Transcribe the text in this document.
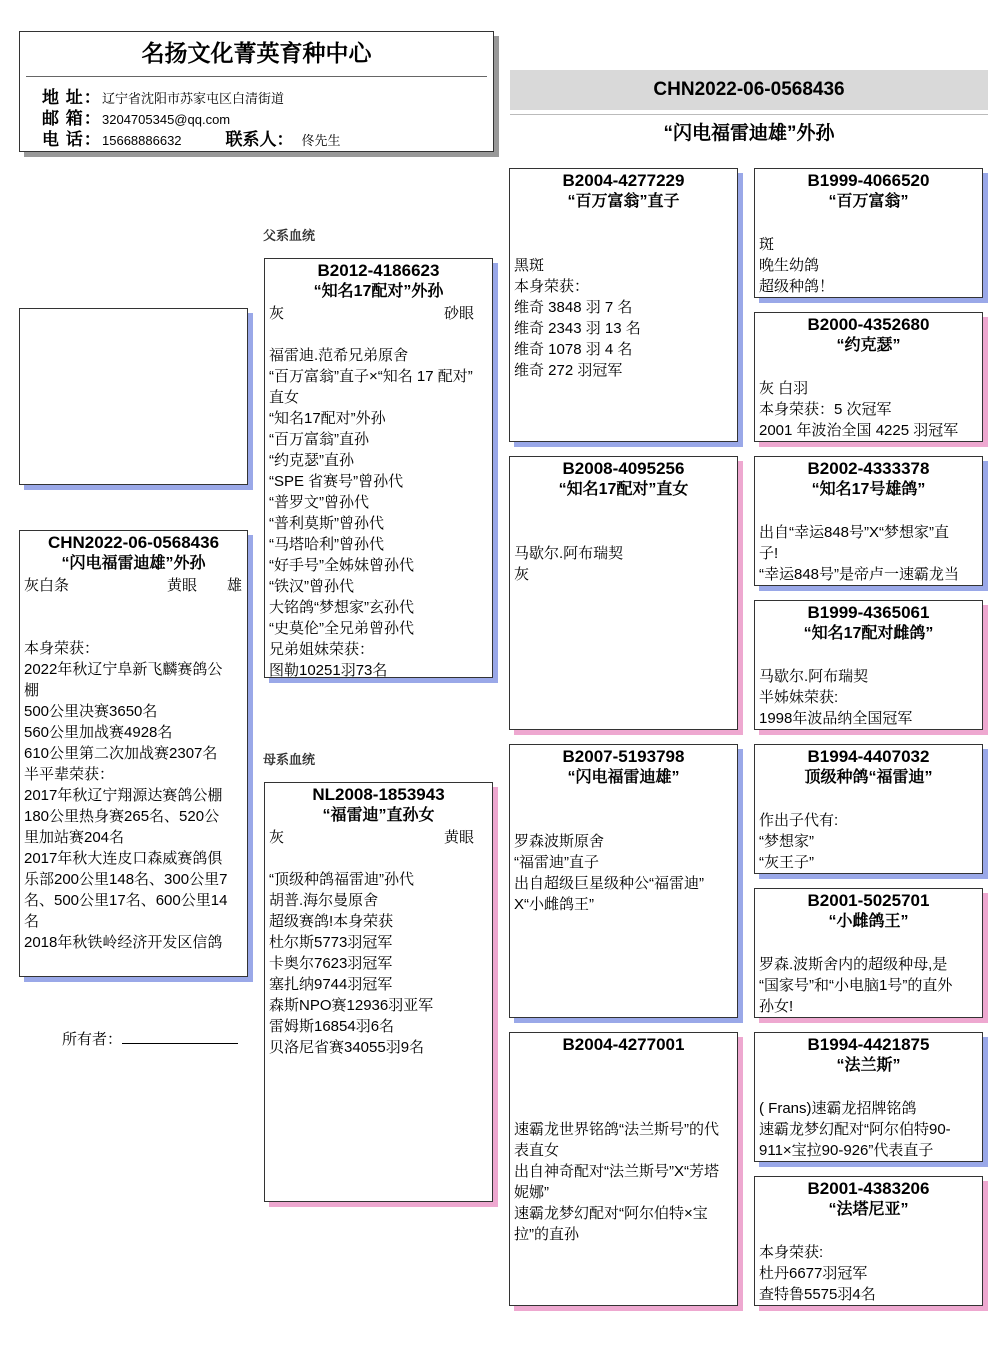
名扬文化菁英育种中心
地 址： 辽宁省沈阳市苏家屯区白清街道
邮 箱： 3204705345@qq.com
电 话： 15668886632	联系人： 佟先生
CHN2022-06-0568436
“闪电福雷迪雄”外孙
CHN2022-06-0568436
“闪电福雷迪雄”外孙
灰白条	黄眼	雄
本身荣获：
2022年秋辽宁阜新飞麟赛鸽公
棚
500公里决赛3650名
560公里加战赛4928名
610公里第二次加战赛2307名
半平辈荣获：
2017年秋辽宁翔源达赛鸽公棚
180公里热身赛265名、520公
里加站赛204名
2017年秋大连皮口森威赛鸽俱
乐部200公里148名、300公里7
名、500公里17名、600公里14
名
2018年秋铁岭经济开发区信鸽
所有者：
父系血统
母系血统
B2012-4186623
“知名17配对”外孙
灰	砂眼
福雷迪.范希兄弟原舍
“百万富翁”直子×“知名 17 配对”
直女
“知名17配对”外孙
“百万富翁”直孙
“约克瑟”直孙
“SPE 省赛号”曾孙代
“普罗文”曾孙代
“普利莫斯”曾孙代
“马塔哈利”曾孙代
“好手号”全姊妹曾孙代
“铁汉”曾孙代
大铭鸽“梦想家”玄孙代
“史莫伦”全兄弟曾孙代
兄弟姐妹荣获：
图勒10251羽73名
NL2008-1853943
“福雷迪”直孙女
灰	黄眼
“顶级种鸽福雷迪”孙代
胡普.海尔曼原舍
超级赛鸽!本身荣获
杜尔斯5773羽冠军
卡奥尔7623羽冠军
塞扎纳9744羽冠军
森斯NPO赛12936羽亚军
雷姆斯16854羽6名
贝洛尼省赛34055羽9名
B2004-4277229
“百万富翁”直子
黑斑
本身荣获：
维奇 3848 羽 7 名
维奇 2343 羽 13 名
维奇 1078 羽 4 名
维奇 272 羽冠军
B2008-4095256
“知名17配对”直女
马歇尔.阿布瑞契
灰
B2007-5193798
“闪电福雷迪雄”
罗森波斯原舍
“福雷迪”直子
出自超级巨星级种公“福雷迪”
X“小雌鸽王”
B2004-4277001
速霸龙世界铭鸽“法兰斯号”的代
表直女
出自神奇配对“法兰斯号”X“芳塔
妮娜”
速霸龙梦幻配对“阿尔伯特×宝
拉”的直孙
B1999-4066520
“百万富翁”
斑
晚生幼鸽
超级种鸽！
B2000-4352680
“约克瑟”
灰 白羽
本身荣获：5 次冠军
2001 年波治全国 4225 羽冠军
B2002-4333378
“知名17号雄鸽”
出自“幸运848号”X“梦想家”直
子!
“幸运848号”是帝卢一速霸龙当
B1999-4365061
“知名17配对雌鸽”
马歇尔.阿布瑞契
半姊妹荣获:
1998年波品纳全国冠军
B1994-4407032
顶级种鸽“福雷迪”
作出子代有:
“梦想家”
“灰王子”
B2001-5025701
“小雌鸽王”
罗森.波斯舍内的超级种母,是
“国家号”和“小电脑1号”的直外
孙女!
B1994-4421875
“法兰斯”
( Frans)速霸龙招牌铭鸽
速霸龙梦幻配对“阿尔伯特90-
911×宝拉90-926”代表直子
B2001-4383206
“法塔尼亚”
本身荣获:
杜丹6677羽冠军
查特鲁5575羽4名
